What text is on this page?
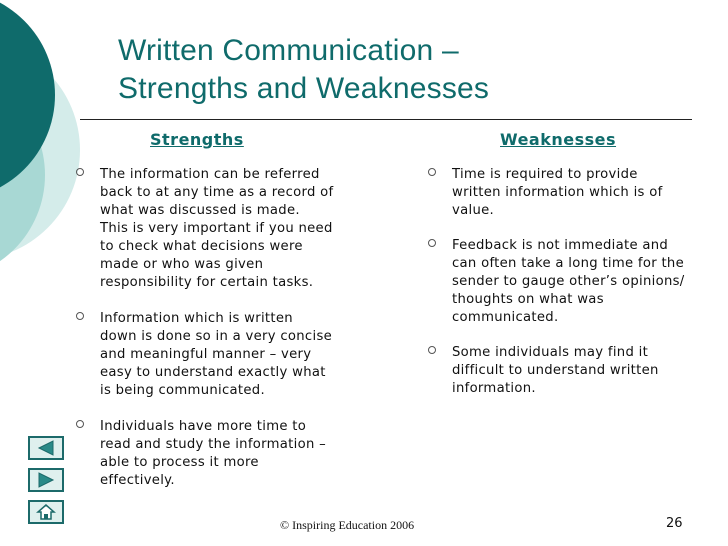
Written Communication –
Strengths and Weaknesses
Strengths	Weaknesses
The information can be referred
back to at any time as a record of
what was discussed is made.
This is very important if you need
to check what decisions were
made or who was given
responsibility for certain tasks.
Information which is written
down is done so in a very concise
and meaningful manner – very
easy to understand exactly what
is being communicated.
Individuals have more time to
read and study the information –
able to process it more
effectively.
Time is required to provide
written information which is of
value.
Feedback is not immediate and
can often take a long time for the
sender to gauge other’s opinions/
thoughts on what was
communicated.
Some individuals may find it
difficult to understand written
information.
© Inspiring Education 2006	26
